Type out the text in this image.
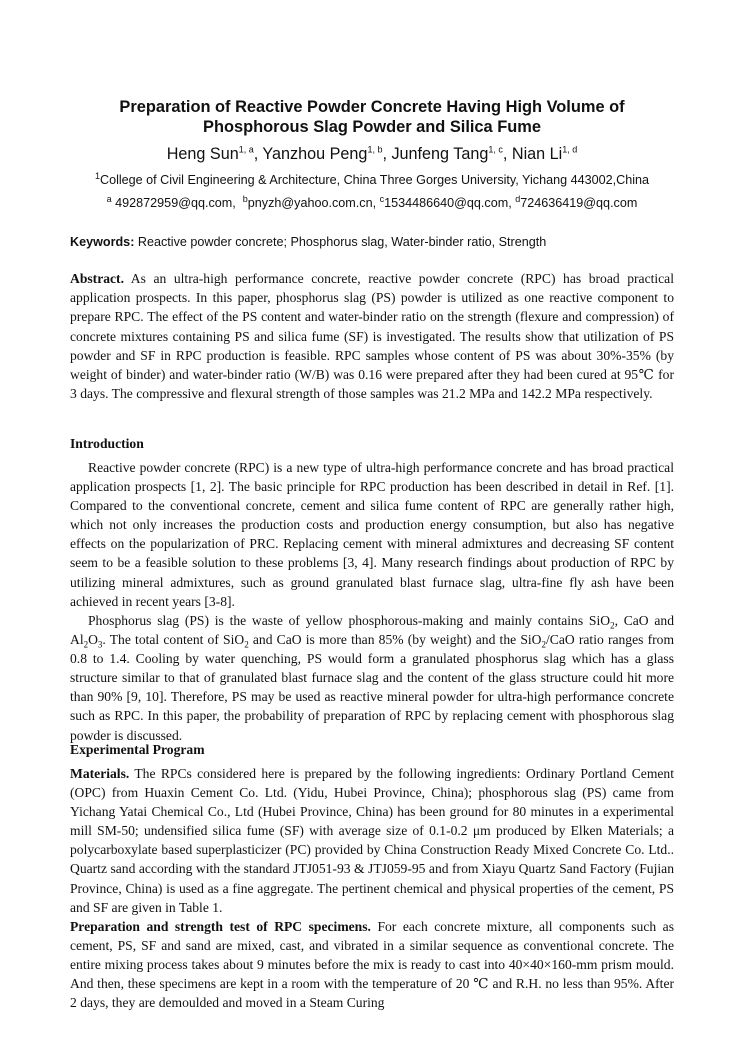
Preparation of Reactive Powder Concrete Having High Volume of
Phosphorous Slag Powder and Silica Fume
Heng Sun$^{1, a}$, Yanzhou Peng$^{1, b}$, Junfeng Tang$^{1, c}$, Nian Li$^{1, d}$
$^1$College of Civil Engineering & Architecture, China Three Gorges University, Yichang 443002,China
$^a$ 492872959@qq.com, $^b$pnyzh@yahoo.com.cn, $^c$1534486640@qq.com, $^d$724636419@qq.com
Keywords: Reactive powder concrete; Phosphorus slag, Water-binder ratio, Strength
Abstract. As an ultra-high performance concrete, reactive powder concrete (RPC) has broad practical application prospects. In this paper, phosphorus slag (PS) powder is utilized as one reactive component to prepare RPC. The effect of the PS content and water-binder ratio on the strength (flexure and compression) of concrete mixtures containing PS and silica fume (SF) is investigated. The results show that utilization of PS powder and SF in RPC production is feasible. RPC samples whose content of PS was about 30%-35% (by weight of binder) and water-binder ratio (W/B) was 0.16 were prepared after they had been cured at 95℃ for 3 days. The compressive and flexural strength of those samples was 21.2 MPa and 142.2 MPa respectively.
Introduction
Reactive powder concrete (RPC) is a new type of ultra-high performance concrete and has broad practical application prospects [1, 2]. The basic principle for RPC production has been described in detail in Ref. [1]. Compared to the conventional concrete, cement and silica fume content of RPC are generally rather high, which not only increases the production costs and production energy consumption, but also has negative effects on the popularization of PRC. Replacing cement with mineral admixtures and decreasing SF content seem to be a feasible solution to these problems [3, 4]. Many research findings about production of RPC by utilizing mineral admixtures, such as ground granulated blast furnace slag, ultra-fine fly ash have been achieved in recent years [3-8].
Phosphorus slag (PS) is the waste of yellow phosphorous-making and mainly contains SiO$_2$, CaO and $Al_2O_3$. The total content of SiO$_2$ and CaO is more than 85% (by weight) and the SiO$_2$/CaO ratio ranges from 0.8 to 1.4. Cooling by water quenching, PS would form a granulated phosphorus slag which has a glass structure similar to that of granulated blast furnace slag and the content of the glass structure could hit more than 90% [9, 10]. Therefore, PS may be used as reactive mineral powder for ultra-high performance concrete such as RPC. In this paper, the probability of preparation of RPC by replacing cement with phosphorous slag powder is discussed.
Experimental Program
Materials. The RPCs considered here is prepared by the following ingredients: Ordinary Portland Cement (OPC) from Huaxin Cement Co. Ltd. (Yidu, Hubei Province, China); phosphorous slag (PS) came from Yichang Yatai Chemical Co., Ltd (Hubei Province, China) has been ground for 80 minutes in a experimental mill SM-50; undensified silica fume (SF) with average size of 0.1-0.2 μm produced by Elken Materials; a polycarboxylate based superplasticizer (PC) provided by China Construction Ready Mixed Concrete Co. Ltd.. Quartz sand according with the standard JTJ051-93 & JTJ059-95 and from Xiayu Quartz Sand Factory (Fujian Province, China) is used as a fine aggregate. The pertinent chemical and physical properties of the cement, PS and SF are given in Table 1.
Preparation and strength test of RPC specimens. For each concrete mixture, all components such as cement, PS, SF and sand are mixed, cast, and vibrated in a similar sequence as conventional concrete. The entire mixing process takes about 9 minutes before the mix is ready to cast into 40×40×160-mm prism mould. And then, these specimens are kept in a room with the temperature of 20 ℃ and R.H. no less than 95%. After 2 days, they are demoulded and moved in a Steam Curing
